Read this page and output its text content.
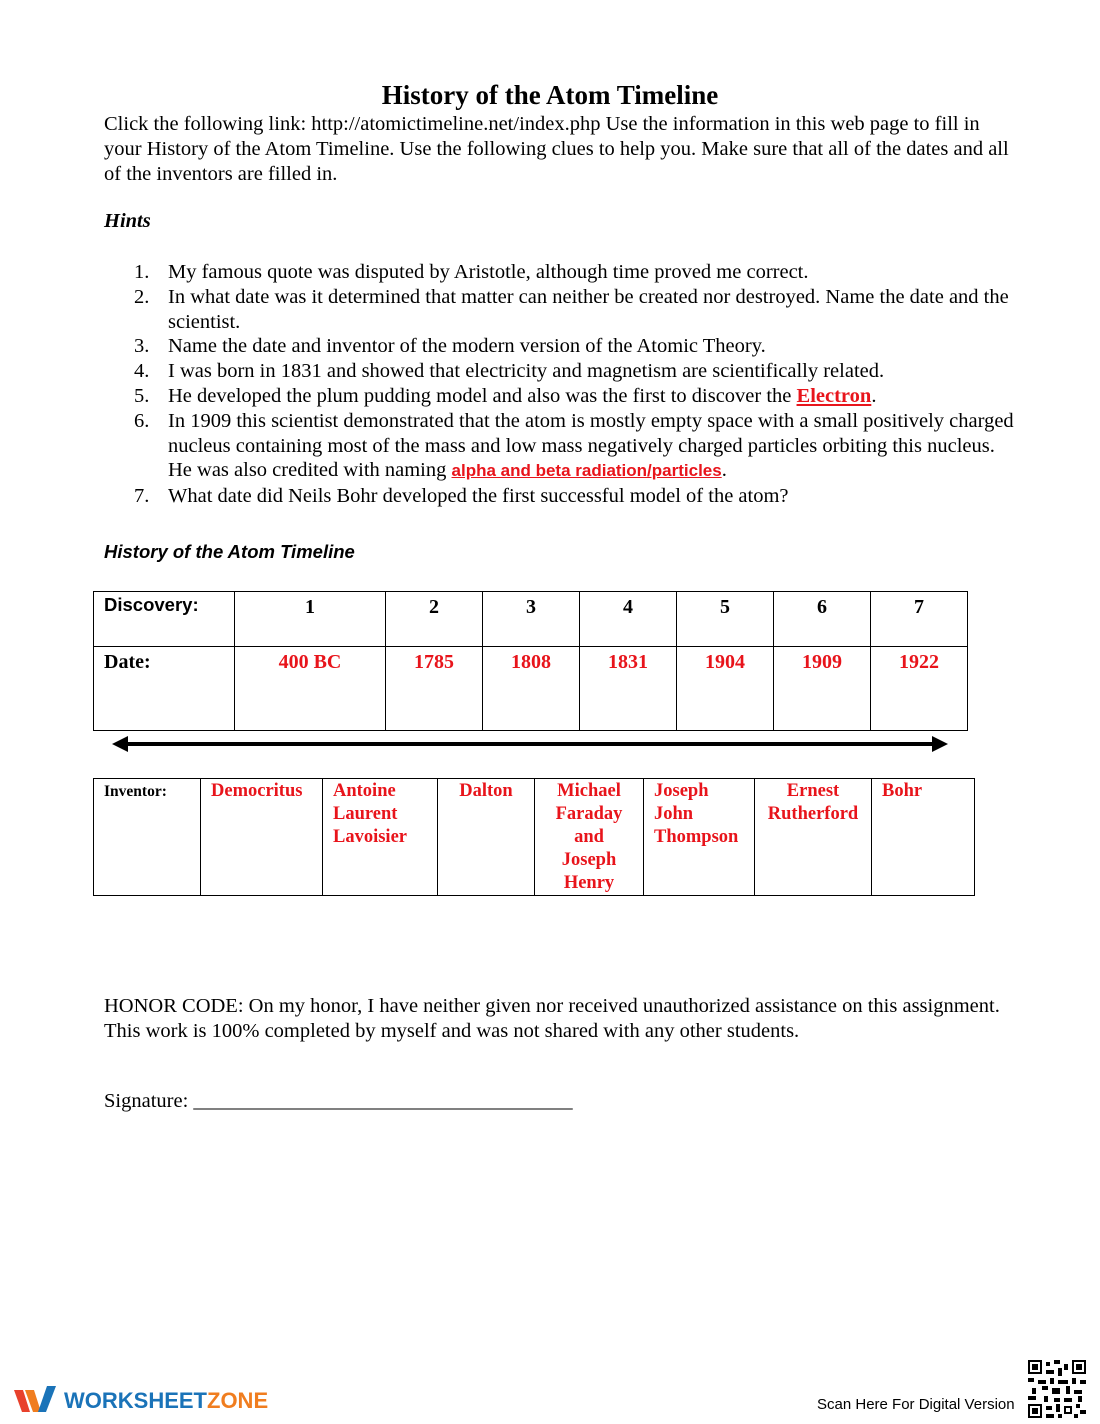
History of the Atom Timeline
Click the following link: http://atomictimeline.net/index.php Use the information in this web page to fill in your History of the Atom Timeline. Use the following clues to help you. Make sure that all of the dates and all of the inventors are filled in.
Hints
1. My famous quote was disputed by Aristotle, although time proved me correct.
2. In what date was it determined that matter can neither be created nor destroyed. Name the date and the scientist.
3. Name the date and inventor of the modern version of the Atomic Theory.
4. I was born in 1831 and showed that electricity and magnetism are scientifically related.
5. He developed the plum pudding model and also was the first to discover the Electron.
6. In 1909 this scientist demonstrated that the atom is mostly empty space with a small positively charged nucleus containing most of the mass and low mass negatively charged particles orbiting this nucleus. He was also credited with naming alpha and beta radiation/particles.
7. What date did Neils Bohr developed the first successful model of the atom?
History of the Atom Timeline
Discovery:	1	2	3	4	5	6	7
Date:	400 BC	1785	1808	1831	1904	1909	1922
Inventor:	Democritus	Antoine Laurent Lavoisier	Dalton	Michael Faraday and Joseph Henry	Joseph John Thompson	Ernest Rutherford	Bohr
HONOR CODE: On my honor, I have neither given nor received unauthorized assistance on this assignment. This work is 100% completed by myself and was not shared with any other students.
Signature: _____________________________________
WORKSHEET ZONE	Scan Here For Digital Version
